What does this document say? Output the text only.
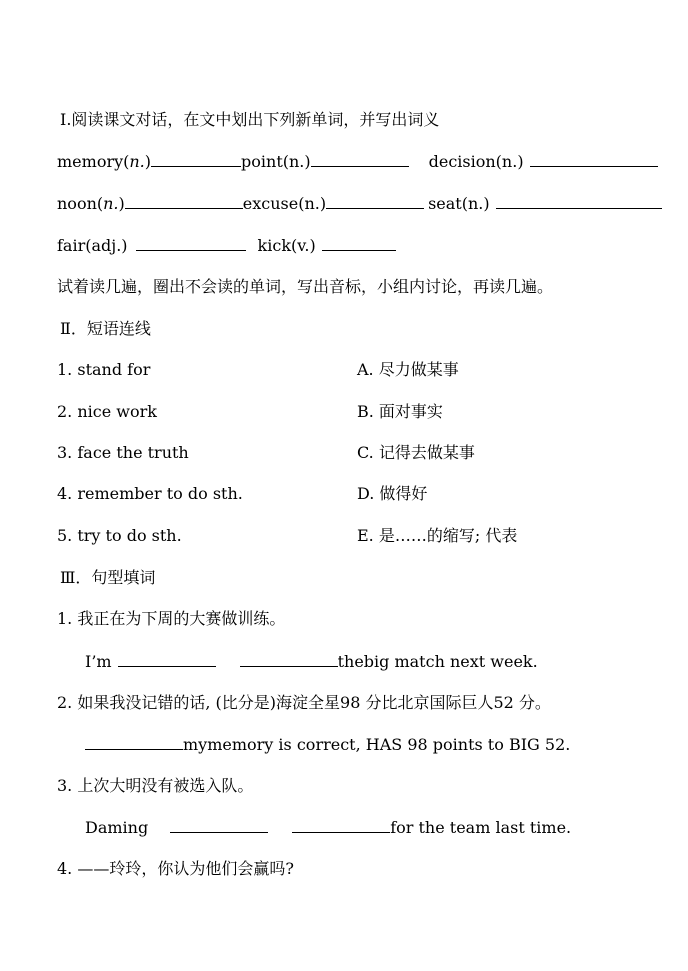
Ⅰ.阅读课文对话，在文中划出下列新单词，并写出词义
memory(n.)	point(n.)	decision(n.)
noon(n.)	excuse(n.)	seat(n.)
fair(adj.)	kick(v.)
试着读几遍，圈出不会读的单词，写出音标，小组内讨论，再读几遍。
Ⅱ．短语连线
1. stand for	A. 尽力做某事
2. nice work	B. 面对事实
3. face the truth	C. 记得去做某事
4. remember to do sth.	D. 做得好
5. try to do sth.	E. 是……的缩写; 代表
Ⅲ．句型填词
1. 我正在为下周的大赛做训练。
I’m	thebig match next week.
2. 如果我没记错的话, (比分是)海淀全星98 分比北京国际巨人52 分。
mymemory is correct, HAS 98 points to BIG 52.
3. 上次大明没有被选入队。
Daming	for the team last time.
4. ——玲玲，你认为他们会赢吗?
